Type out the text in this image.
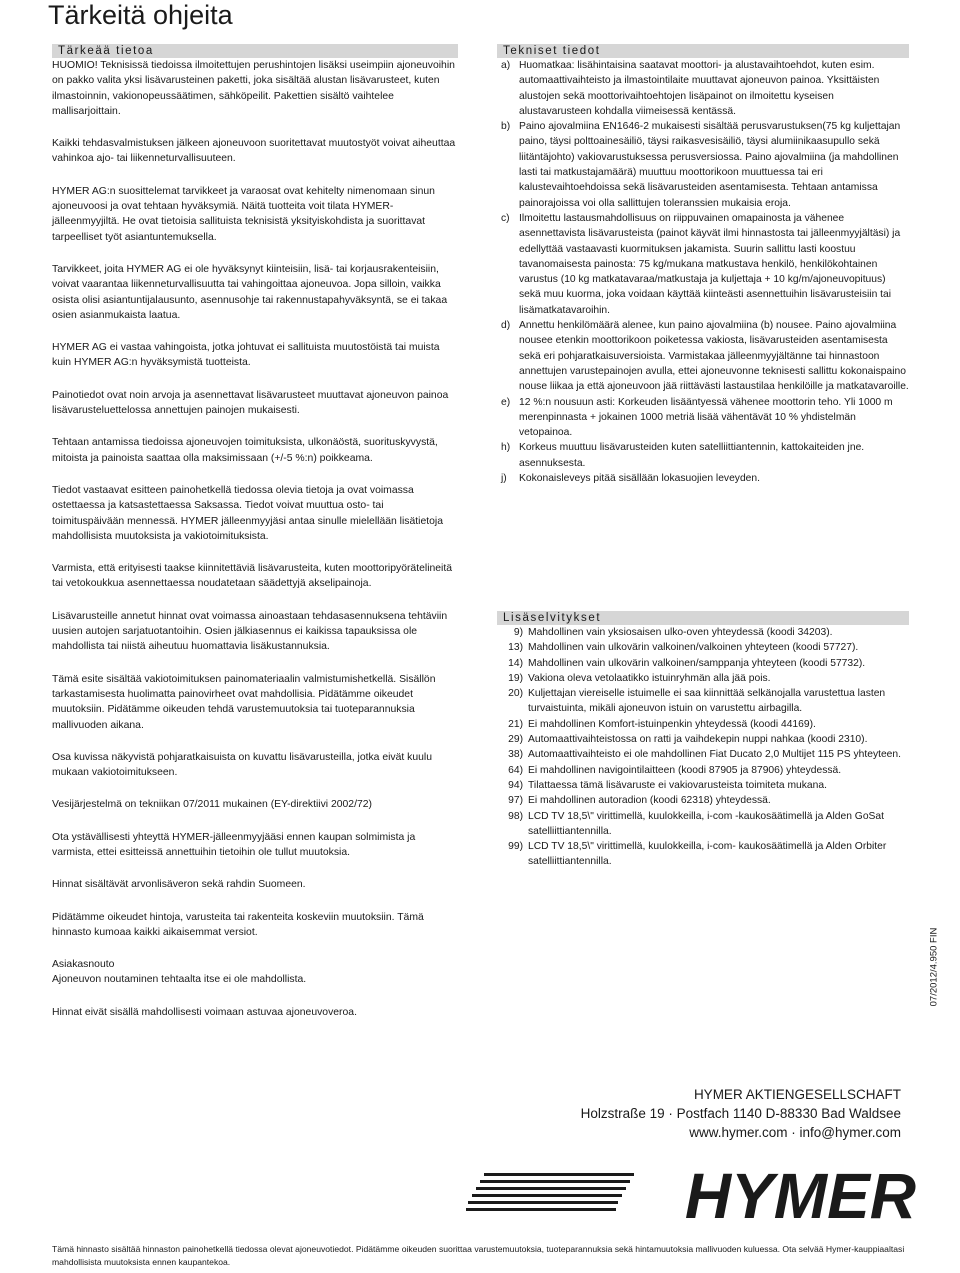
Tärkeitä ohjeita
Tärkeää tietoa

HUOMIO! Teknisissä tiedoissa ilmoitettujen perushintojen lisäksi useimpiin ajoneuvoihin on pakko valita yksi lisävarusteinen paketti, joka sisältää alustan lisävarusteet, kuten ilmastoinnin, vakionopeussäätimen, sähköpeilit. Pakettien sisältö vaihtelee mallisarjoittain.

Kaikki tehdasvalmistuksen jälkeen ajoneuvoon suoritettavat muutostyöt voivat aiheuttaa vahinkoa ajo- tai liikenneturvallisuuteen.

HYMER AG:n suosittelemat tarvikkeet ja varaosat ovat kehitelty nimenomaan sinun ajoneuvoosi ja ovat tehtaan hyväksymiä. Näitä tuotteita voit tilata HYMER-jälleenmyyjiltä. He ovat tietoisia sallituista teknisistä yksityiskohdista ja suorittavat tarpeelliset työt asiantuntemuksella.

Tarvikkeet, joita HYMER AG ei ole hyväksynyt kiinteisiin, lisä- tai korjausrakenteisiin, voivat vaarantaa liikenneturvallisuutta tai vahingoittaa ajoneuvoa. Jopa silloin, vaikka osista olisi asiantuntijalausunto, asennusohje tai rakennustapahyväksyntä, se ei takaa osien asianmukaista laatua.

HYMER AG ei vastaa vahingoista, jotka johtuvat ei sallituista muutostöistä tai muista kuin HYMER AG:n hyväksymistä tuotteista.

Painotiedot ovat noin arvoja ja asennettavat lisävarusteet muuttavat ajoneuvon painoa lisävarusteluettelossa annettujen painojen mukaisesti.

Tehtaan antamissa tiedoissa ajoneuvojen toimituksista, ulkonäöstä, suorituskyvystä, mitoista ja painoista saattaa olla maksimissaan (+/-5 %:n) poikkeama.

Tiedot vastaavat esitteen painohetkellä tiedossa olevia tietoja ja ovat voimassa ostettaessa ja katsastettaessa Saksassa. Tiedot voivat muuttua osto- tai toimituspäivään mennessä. HYMER jälleenmyyjäsi antaa sinulle mielellään lisätietoja mahdollisista muutoksista ja vakiotoimituksista.

Varmista, että erityisesti taakse kiinnitettäviä lisävarusteita, kuten moottoripyörätelineitä tai vetokoukkua asennettaessa noudatetaan säädettyjä akselipainoja.

Lisävarusteille annetut hinnat ovat voimassa ainoastaan tehdasasennuksena tehtäviin uusien autojen sarjatuotantoihin. Osien jälkiasennus ei kaikissa tapauksissa ole mahdollista tai niistä aiheutuu huomattavia lisäkustannuksia.

Tämä esite sisältää vakiotoimituksen painomateriaalin valmistumishetkellä. Sisällön tarkastamisesta huolimatta painovirheet ovat mahdollisia. Pidätämme oikeudet muutoksiin. Pidätämme oikeuden tehdä varustemuutoksia tai tuoteparannuksia mallivuoden aikana.

Osa kuvissa näkyvistä pohjaratkaisuista on kuvattu lisävarusteilla, jotka eivät kuulu mukaan vakiotoimitukseen.

Vesijärjestelmä on tekniikan 07/2011 mukainen (EY-direktiivi 2002/72)

Ota ystävällisesti yhteyttä HYMER-jälleenmyyjääsi ennen kaupan solmimista ja varmista, ettei esitteissä annettuihin tietoihin ole tullut muutoksia.

Hinnat sisältävät arvonlisäveron sekä rahdin Suomeen.

Pidätämme oikeudet hintoja, varusteita tai rakenteita koskeviin muutoksiin. Tämä hinnasto kumoaa kaikki aikaisemmat versiot.

Asiakasnouto
Ajoneuvon noutaminen tehtaalta itse ei ole mahdollista.

Hinnat eivät sisällä mahdollisesti voimaan astuvaa ajoneuvoveroa.

Tekniset tiedot
a) Huomatkaa: lisähintaisina saatavat moottori- ja alustavaihtoehdot, kuten esim. automaattivaihteisto ja ilmastointilaite muuttavat ajoneuvon painoa. Yksittäisten alustojen sekä moottorivaihtoehtojen lisäpainot on ilmoitettu kyseisen alustavarusteen kohdalla viimeisessä kentässä.
b) Paino ajovalmiina EN1646-2 mukaisesti sisältää perusvarustuksen(75 kg kuljettajan paino, täysi polttoainesäiliö, täysi raikasvesisäiliö, täysi alumiinikaasupullo sekä liitäntäjohto) vakiovarustuksessa perusversiossa. Paino ajovalmiina (ja mahdollinen lasti tai matkustajamäärä) muuttuu moottorikoon muuttuessa tai eri kalustevaihtoehdoissa sekä lisävarusteiden asentamisesta. Tehtaan antamissa painorajoissa voi olla sallittujen toleranssien mukaisia eroja.
c) Ilmoitettu lastausmahdollisuus on riippuvainen omapainosta ja vähenee asennettavista lisävarusteista (painot käyvät ilmi hinnastosta tai jälleenmyyjältäsi) ja edellyttää vastaavasti kuormituksen jakamista. Suurin sallittu lasti koostuu tavanomaisesta painosta: 75 kg/mukana matkustava henkilö, henkilökohtainen varustus (10 kg matkatavaraa/matkustaja ja kuljettaja + 10 kg/m/ajoneuvopituus) sekä muu kuorma, joka voidaan käyttää kiinteästi asennettuihin lisävarusteisiin tai lisämatkatavaroihin.
d) Annettu henkilömäärä alenee, kun paino ajovalmiina (b) nousee. Paino ajovalmiina nousee etenkin moottorikoon poiketessa vakiosta, lisävarusteiden asentamisesta sekä eri pohjaratkaisuversioista. Varmistakaa jälleenmyyjältänne tai hinnastoon annettujen varustepainojen avulla, ettei ajoneuvonne teknisesti sallittu kokonaispaino nouse liikaa ja että ajoneuvoon jää riittävästi lastaustilaa henkilöille ja matkatavaroille.
e) 12 %:n nousuun asti: Korkeuden lisääntyessä vähenee moottorin teho. Yli 1000 m merenpinnasta + jokainen 1000 metriä lisää vähentävät 10 % yhdistelmän vetopainoa.
h) Korkeus muuttuu lisävarusteiden kuten satelliittiantennin, kattokaiteiden jne. asennuksesta.
j) Kokonaisleveys pitää sisällään lokasuojien leveyden.
Lisäselvitykset
9) Mahdollinen vain yksiosaisen ulko-oven yhteydessä (koodi 34203).
13) Mahdollinen vain ulkovärin valkoinen/valkoinen yhteyteen (koodi 57727).
14) Mahdollinen vain ulkovärin valkoinen/samppanja yhteyteen (koodi 57732).
19) Vakiona oleva vetolaatikko istuinryhmän alla jää pois.
20) Kuljettajan viereiselle istuimelle ei saa kiinnittää selkänojalla varustettua lasten turvaistuinta, mikäli ajoneuvon istuin on varustettu airbagilla.
21) Ei mahdollinen Komfort-istuinpenkin yhteydessä (koodi 44169).
29) Automaattivaihteistossa on ratti ja vaihdekepin nuppi nahkaa (koodi 2310).
38) Automaattivaihteisto ei ole mahdollinen Fiat Ducato 2,0 Multijet 115 PS yhteyteen.
64) Ei mahdollinen navigointilaitteen (koodi 87905 ja 87906) yhteydessä.
94) Tilattaessa tämä lisävaruste ei vakiovarusteista toimiteta mukana.
97) Ei mahdollinen autoradion (koodi 62318) yhteydessä.
98) LCD TV 18,5\" virittimellä, kuulokkeilla, i-com -kaukosäätimellä ja Alden GoSat satelliittiantennilla.
99) LCD TV 18,5\" virittimellä, kuulokkeilla, i-com- kaukosäätimellä ja Alden Orbiter satelliittiantennilla.
07/2012/4.950 FIN
HYMER AKTIENGESELLSCHAFT
Holzstraße 19 · Postfach 1140 D-88330 Bad Waldsee
www.hymer.com · info@hymer.com
HYMER
Tämä hinnasto sisältää hinnaston painohetkellä tiedossa olevat ajoneuvotiedot. Pidätämme oikeuden suorittaa varustemuutoksia, tuoteparannuksia sekä hintamuutoksia mallivuoden kuluessa. Ota selvää Hymer-kauppiaaltasi mahdollisista muutoksista ennen kaupantekoa.
